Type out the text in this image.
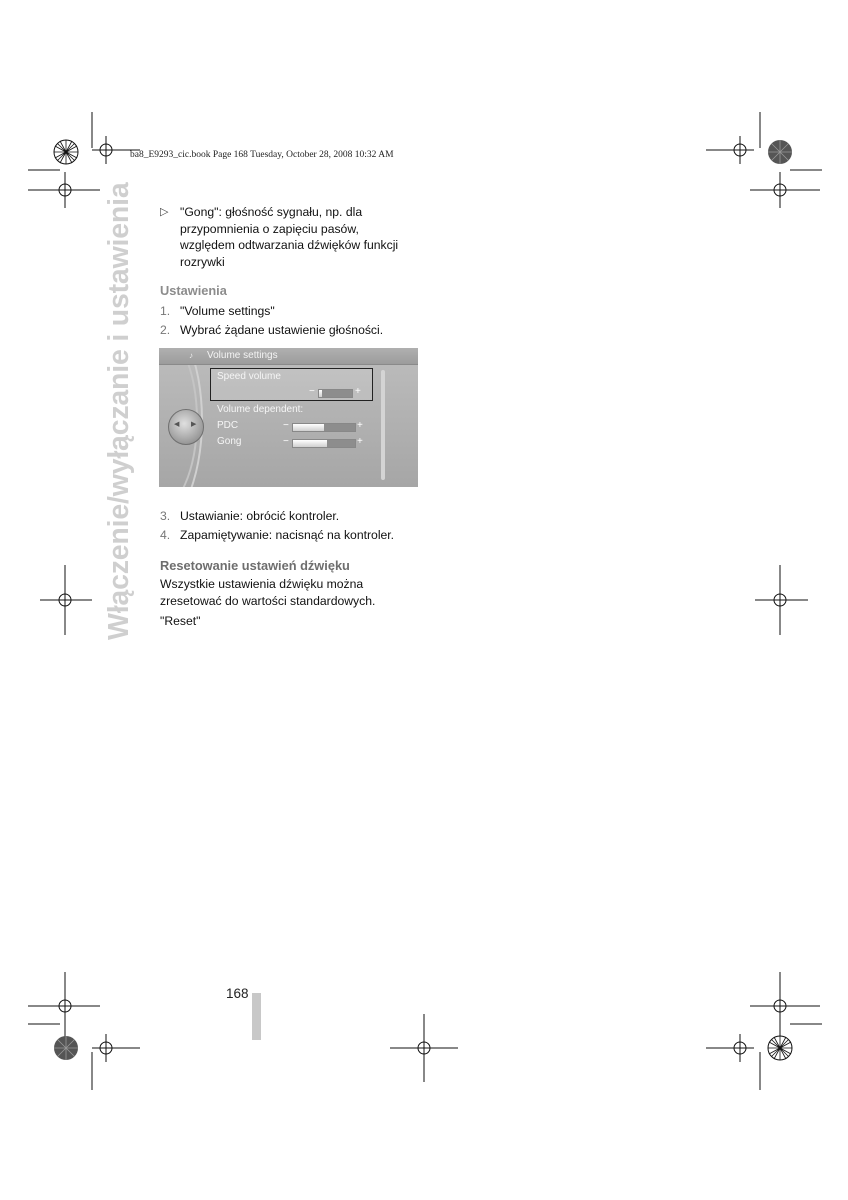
ba8_E9293_cic.book Page 168 Tuesday, October 28, 2008 10:32 AM
Włączenie/wyłączanie i ustawienia ▷ "Gong": głośność sygnału, np. dla przypomnienia o zapięciu pasów, względem odtwarzania dźwięków funkcji rozrywki
Ustawienia
1. "Volume settings"
2. Wybrać żądane ustawienie głośności.
3. Ustawianie: obrócić kontroler.
4. Zapamiętywanie: nacisnąć na kontroler.
Resetowanie ustawień dźwięku
Wszystkie ustawienia dźwięku można zresetować do wartości standardowych.
"Reset"
♪	Volume settings
Speed volume
−	+
Volume dependent:
PDC	−	+
Gong	−	+
◀ ▶
168
